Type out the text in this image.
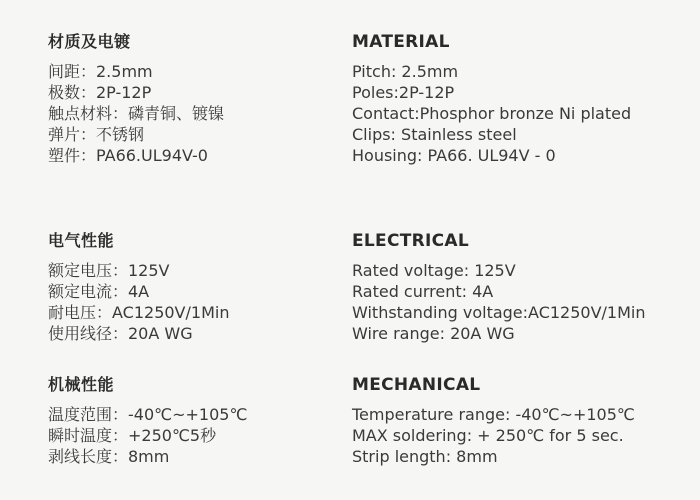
材质及电镀
间距：2.5mm
极数：2P-12P
触点材料：磷青铜、镀镍
弹片：不锈钢
塑件：PA66.UL94V-0
电气性能
额定电压：125V
额定电流：4A
耐电压：AC1250V/1Min
使用线径：20A WG
机械性能
温度范围：-40℃~+105℃
瞬时温度：+250℃5秒
剥线长度：8mm
MATERIAL
Pitch: 2.5mm
Poles:2P-12P
Contact:Phosphor bronze Ni plated
Clips: Stainless steel
Housing: PA66. UL94V - 0
ELECTRICAL
Rated voltage: 125V
Rated current: 4A
Withstanding voltage:AC1250V/1Min
Wire range: 20A WG
MECHANICAL
Temperature range: -40℃~+105℃
MAX soldering: + 250℃ for 5 sec.
Strip length: 8mm
